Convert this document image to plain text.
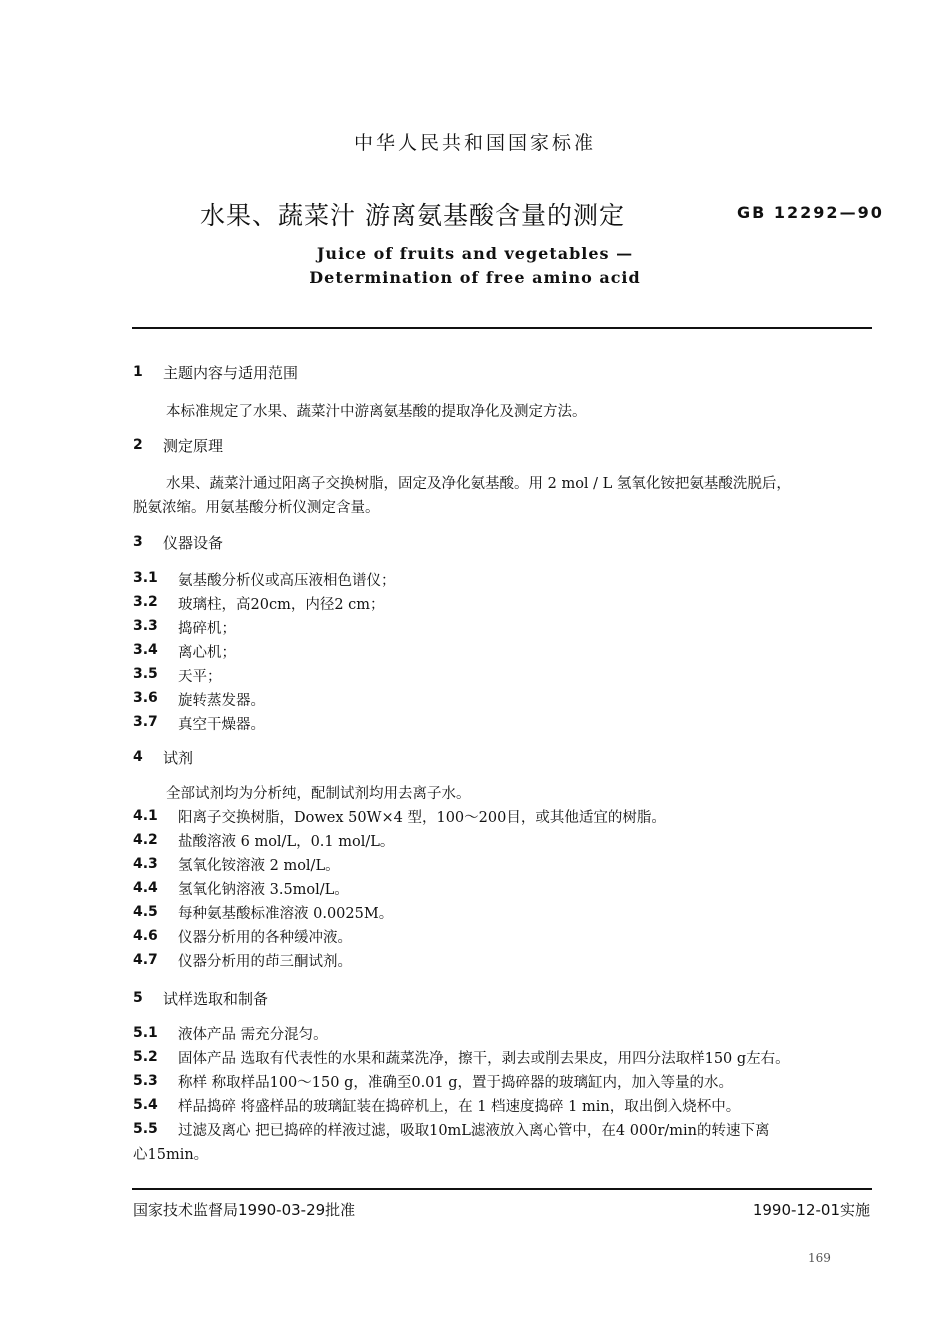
中华人民共和国国家标准
水果、蔬菜汁 游离氨基酸含量的测定	GB 12292—90
Juice of fruits and vegetables —
Determination of free amino acid
1 主题内容与适用范围
本标准规定了水果、蔬菜汁中游离氨基酸的提取净化及测定方法。
2 测定原理
水果、蔬菜汁通过阳离子交换树脂，固定及净化氨基酸。用 2 mol / L 氢氧化铵把氨基酸洗脱后，
脱氨浓缩。用氨基酸分析仪测定含量。
3 仪器设备
3.1 氨基酸分析仪或高压液相色谱仪；
3.2 玻璃柱，高20cm，内径2 cm；
3.3 捣碎机；
3.4 离心机；
3.5 天平；
3.6 旋转蒸发器。
3.7 真空干燥器。
4 试剂
全部试剂均为分析纯，配制试剂均用去离子水。
4.1 阳离子交换树脂，Dowex 50W×4 型，100～200目，或其他适宜的树脂。
4.2 盐酸溶液 6 mol/L，0.1 mol/L。
4.3 氢氧化铵溶液 2 mol/L。
4.4 氢氧化钠溶液 3.5mol/L。
4.5 每种氨基酸标准溶液 0.0025M。
4.6 仪器分析用的各种缓冲液。
4.7 仪器分析用的茚三酮试剂。
5 试样选取和制备
5.1 液体产品 需充分混匀。
5.2 固体产品 选取有代表性的水果和蔬菜洗净，擦干，剥去或削去果皮，用四分法取样150 g左右。
5.3 称样 称取样品100～150 g，准确至0.01 g，置于捣碎器的玻璃缸内，加入等量的水。
5.4 样品捣碎 将盛样品的玻璃缸装在捣碎机上，在 1 档速度捣碎 1 min，取出倒入烧杯中。
5.5 过滤及离心 把已捣碎的样液过滤，吸取10mL滤液放入离心管中，在4 000r/min的转速下离
心15min。
国家技术监督局1990-03-29批准	1990-12-01实施
169
